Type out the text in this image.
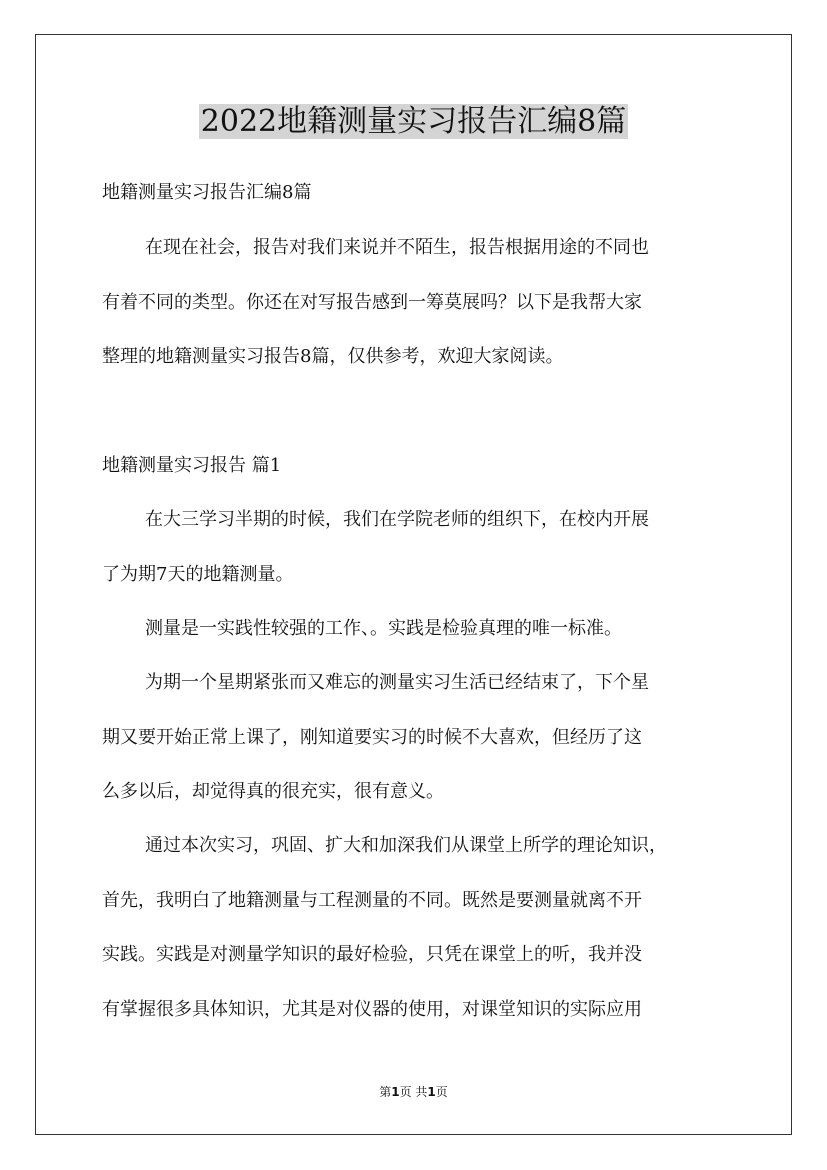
2022地籍测量实习报告汇编8篇

地籍测量实习报告汇编8篇

在现在社会，报告对我们来说并不陌生，报告根据用途的不同也

有着不同的类型。你还在对写报告感到一筹莫展吗？以下是我帮大家

整理的地籍测量实习报告8篇，仅供参考，欢迎大家阅读。

地籍测量实习报告 篇1

在大三学习半期的时候，我们在学院老师的组织下，在校内开展

了为期7天的地籍测量。

测量是一实践性较强的工作、。实践是检验真理的唯一标准。

为期一个星期紧张而又难忘的测量实习生活已经结束了，下个星

期又要开始正常上课了，刚知道要实习的时候不大喜欢，但经历了这

么多以后，却觉得真的很充实，很有意义。

通过本次实习，巩固、扩大和加深我们从课堂上所学的理论知识，

首先，我明白了地籍测量与工程测量的不同。既然是要测量就离不开

实践。实践是对测量学知识的最好检验，只凭在课堂上的听，我并没

有掌握很多具体知识，尤其是对仪器的使用，对课堂知识的实际应用

第1页 共1页
